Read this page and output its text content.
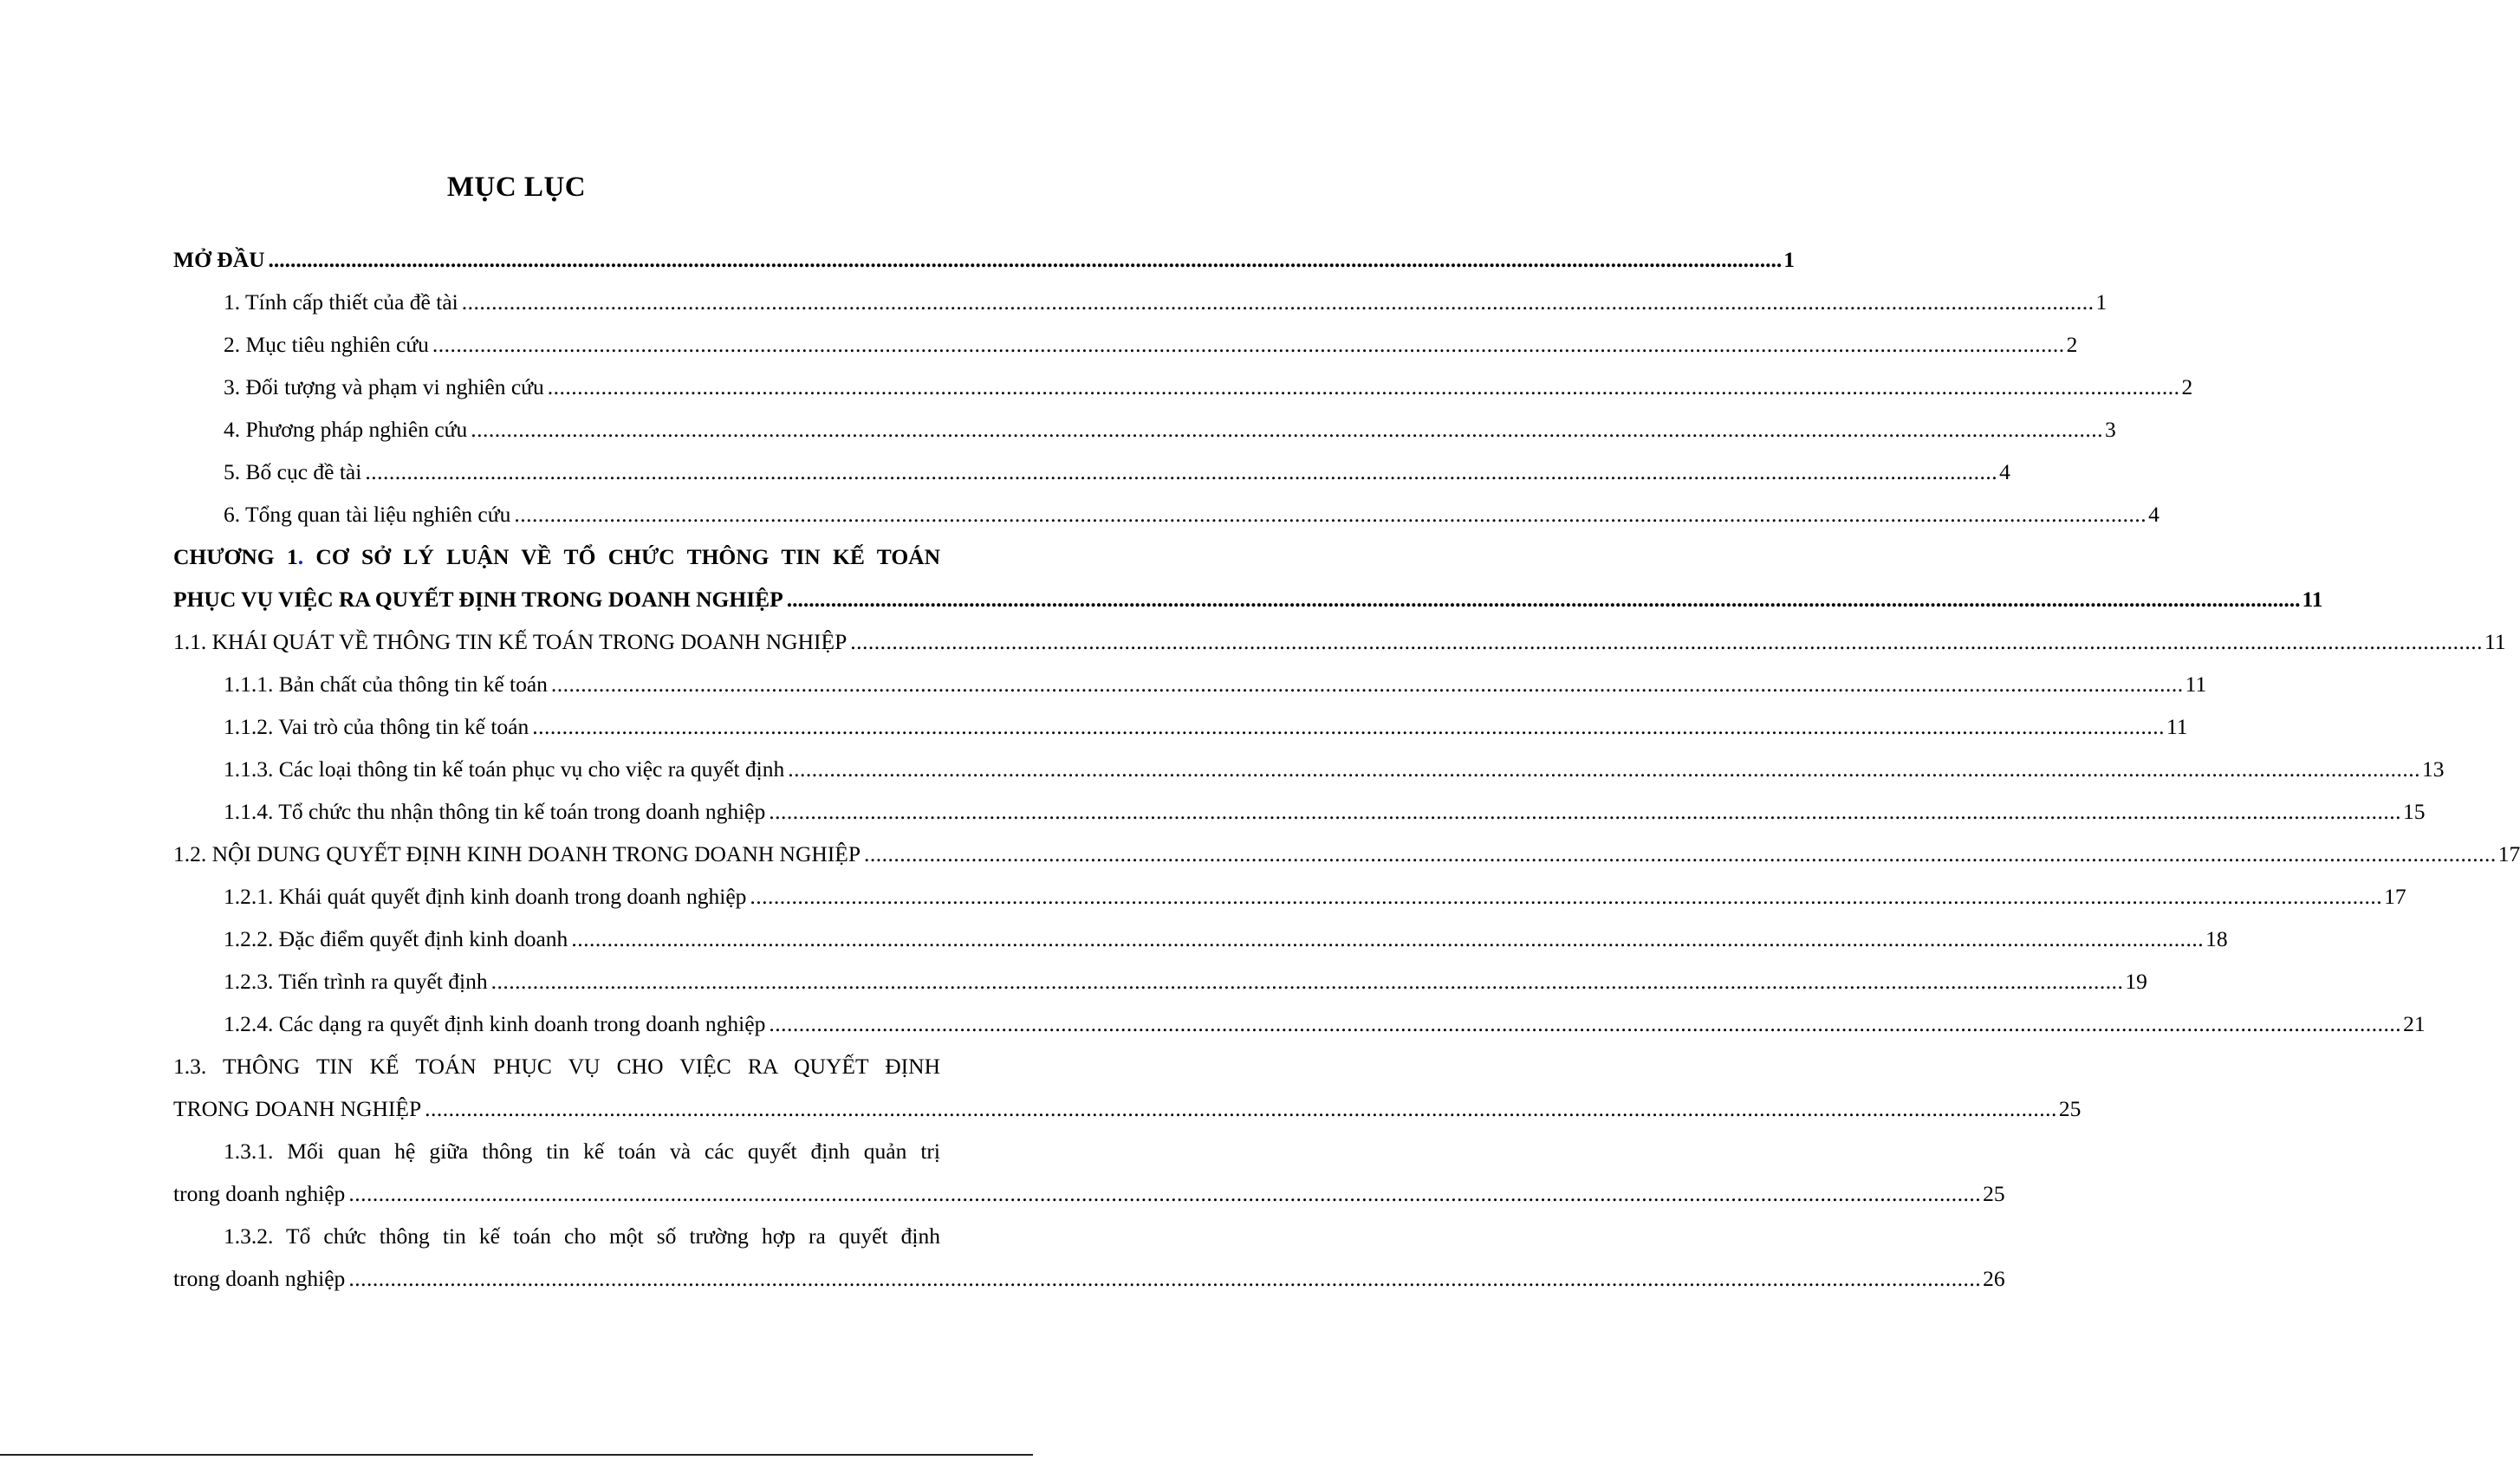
MỤC LỤC
MỞ ĐẦU .................................................................................................................................................................................................................................................................................. 1
1. Tính cấp thiết của đề tài .................................................................................................................................................................................................................................................................................. 1
2. Mục tiêu nghiên cứu .................................................................................................................................................................................................................................................................................. 2
3. Đối tượng và phạm vi nghiên cứu .................................................................................................................................................................................................................................................................................. 2
4. Phương pháp nghiên cứu .................................................................................................................................................................................................................................................................................. 3
5. Bố cục đề tài .................................................................................................................................................................................................................................................................................. 4
6. Tổng quan tài liệu nghiên cứu .................................................................................................................................................................................................................................................................................. 4
CHƯƠNG 1. CƠ SỞ LÝ LUẬN VỀ TỔ CHỨC THÔNG TIN KẾ TOÁN
PHỤC VỤ VIỆC RA QUYẾT ĐỊNH TRONG DOANH NGHIỆP .................................................................................................................................................................................................................................................................................. 11
1.1. KHÁI QUÁT VỀ THÔNG TIN KẾ TOÁN TRONG DOANH NGHIỆP .................................................................................................................................................................................................................................................................................. 11
1.1.1. Bản chất của thông tin kế toán .................................................................................................................................................................................................................................................................................. 11
1.1.2. Vai trò của thông tin kế toán .................................................................................................................................................................................................................................................................................. 11
1.1.3. Các loại thông tin kế toán phục vụ cho việc ra quyết định .................................................................................................................................................................................................................................................................................. 13
1.1.4. Tổ chức thu nhận thông tin kế toán trong doanh nghiệp .................................................................................................................................................................................................................................................................................. 15
1.2. NỘI DUNG QUYẾT ĐỊNH KINH DOANH TRONG DOANH NGHIỆP .................................................................................................................................................................................................................................................................................. 17
1.2.1. Khái quát quyết định kinh doanh trong doanh nghiệp .................................................................................................................................................................................................................................................................................. 17
1.2.2. Đặc điểm quyết định kinh doanh .................................................................................................................................................................................................................................................................................. 18
1.2.3. Tiến trình ra quyết định .................................................................................................................................................................................................................................................................................. 19
1.2.4. Các dạng ra quyết định kinh doanh trong doanh nghiệp .................................................................................................................................................................................................................................................................................. 21
1.3. THÔNG TIN KẾ TOÁN PHỤC VỤ CHO VIỆC RA QUYẾT ĐỊNH
TRONG DOANH NGHIỆP .................................................................................................................................................................................................................................................................................. 25
1.3.1. Mối quan hệ giữa thông tin kế toán và các quyết định quản trị
trong doanh nghiệp .................................................................................................................................................................................................................................................................................. 25
1.3.2. Tổ chức thông tin kế toán cho một số trường hợp ra quyết định
trong doanh nghiệp .................................................................................................................................................................................................................................................................................. 26
